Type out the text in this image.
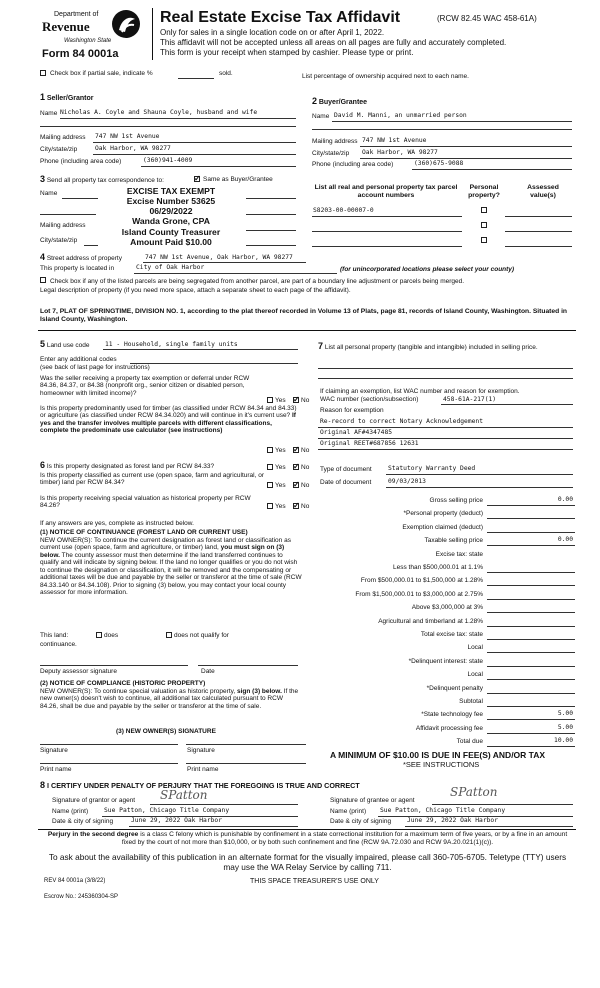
Department of
Revenue
Washington State
Form 84 0001a
Real Estate Excise Tax Affidavit	(RCW 82.45 WAC 458-61A)
Only for sales in a single location code on or after April 1, 2022.
This affidavit will not be accepted unless all areas on all pages are fully and accurately completed.
This form is your receipt when stamped by cashier. Please type or print.
Check box if partial sale, indicate %	sold.	List percentage of ownership acquired next to each name.
1 Seller/Grantor
Name Nicholas A. Coyle and Shauna Coyle, husband and wife
Mailing address 747 NW 1st Avenue
City/state/zip	Oak Harbor, WA 98277
Phone (including area code)	(360)941-4009
2 Buyer/Grantee
Name David M. Manni, an unmarried person
Mailing address 747 NW 1st Avenue
City/state/zip Oak Harbor, WA 98277
Phone (including area code)	(360)675-9088
3 Send all property tax correspondence to:	✓ Same as Buyer/Grantee
Name
Mailing address
City/state/zip
EXCISE TAX EXEMPT
Excise Number 53625
06/29/2022
Wanda Grone, CPA
Island County Treasurer
Amount Paid $10.00
List all real and personal property tax parcel account numbers
Personal property?
Assessed value(s)
S8203-00-00007-0
4 Street address of property	747 NW 1st Avenue, Oak Harbor, WA 98277
This property is located in	City of Oak Harbor	(for unincorporated locations please select your county)
Check box if any of the listed parcels are being segregated from another parcel, are part of a boundary line adjustment or parcels being merged.
Legal description of property (if you need more space, attach a separate sheet to each page of the affidavit).
Lot 7, PLAT OF SPRINGTIME, DIVISION NO. 1, according to the plat thereof recorded in Volume 13 of Plats, page 81, records of Island County, Washington. Situated in Island County, Washington.
5 Land use code 11 - Household, single family units
Enter any additional codes
(see back of last page for instructions)
Was the seller receiving a property tax exemption or deferral under RCW 84.36, 84.37, or 84.38 (nonprofit org., senior citizen or disabled person, homeowner with limited income)?
Yes ✓ No
Is this property predominantly used for timber (as classified under RCW 84.34 and 84.33) or agriculture (as classified under RCW 84.34.020) and will continue in it's current use? If yes and the transfer involves multiple parcels with different classifications, complete the predominate use calculator (see instructions)
Yes ✓ No
6 Is this property designated as forest land per RCW 84.33?	Yes ✓ No
Is this property classified as current use (open space, farm and agricultural, or timber) land per RCW 84.34?	Yes ✓ No
Is this property receiving special valuation as historical property per RCW 84.26?	Yes ✓ No
If any answers are yes, complete as instructed below.
(1) NOTICE OF CONTINUANCE (FOREST LAND OR CURRENT USE)
NEW OWNER(S): To continue the current designation as forest land or classification as current use (open space, farm and agriculture, or timber) land, you must sign on (3) below. The county assessor must then determine if the land transferred continues to qualify and will indicate by signing below. If the land no longer qualifies or you do not wish to continue the designation or classification, it will be removed and the compensating or additional taxes will be due and payable by the seller or transferor at the time of sale (RCW 84.33.140 or 84.34.108). Prior to signing (3) below, you may contact your local county assessor for more information.
This land:	does	does not qualify for
continuance.
Deputy assessor signature	Date
(2) NOTICE OF COMPLIANCE (HISTORIC PROPERTY)
NEW OWNER(S): To continue special valuation as historic property, sign (3) below. If the new owner(s) doesn't wish to continue, all additional tax calculated pursuant to RCW 84.26, shall be due and payable by the seller or transferor at the time of sale.
(3) NEW OWNER(S) SIGNATURE
Signature	Signature
Print name	Print name
7 List all personal property (tangible and intangible) included in selling price.
If claiming an exemption, list WAC number and reason for exemption.
WAC number (section/subsection)	458-61A-217(1)
Reason for exemption
Re-record to correct Notary Acknowledgement
Original AF#4347485
Original REET#687856 12631
Type of document	Statutory Warranty Deed
Date of document	09/03/2013
Gross selling price	0.00
*Personal property (deduct)
Exemption claimed (deduct)
Taxable selling price	0.00
Excise tax: state
Less than $500,000.01 at 1.1%
From $500,000.01 to $1,500,000 at 1.28%
From $1,500,000.01 to $3,000,000 at 2.75%
Above $3,000,000 at 3%
Agricultural and timberland at 1.28%
Total excise tax: state
Local
*Delinquent interest: state
Local
*Delinquent penalty
Subtotal
*State technology fee	5.00
Affidavit processing fee	5.00
Total due	10.00
A MINIMUM OF $10.00 IS DUE IN FEE(S) AND/OR TAX
*SEE INSTRUCTIONS
8 I CERTIFY UNDER PENALTY OF PERJURY THAT THE FOREGOING IS TRUE AND CORRECT
Signature of grantor or agent SPatton
Name (print)	Sue Patton, Chicago Title Company
Date & city of signing	June 29, 2022 Oak Harbor
Signature of grantee or agent
SPatton
Name (print) Sue Patton, Chicago Title Company
Date & city of signing	June 29, 2022 Oak Harbor
Perjury in the second degree is a class C felony which is punishable by confinement in a state correctional institution for a maximum term of five years, or by a fine in an amount fixed by the court of not more than $10,000, or by both such confinement and fine (RCW 9A.72.030 and RCW 9A.20.021(1)(c)).
To ask about the availability of this publication in an alternate format for the visually impaired, please call 360-705-6705. Teletype (TTY) users may use the WA Relay Service by calling 711.
REV 84 0001a (3/8/22)	THIS SPACE TREASURER'S USE ONLY
Escrow No.: 245360304-SP
